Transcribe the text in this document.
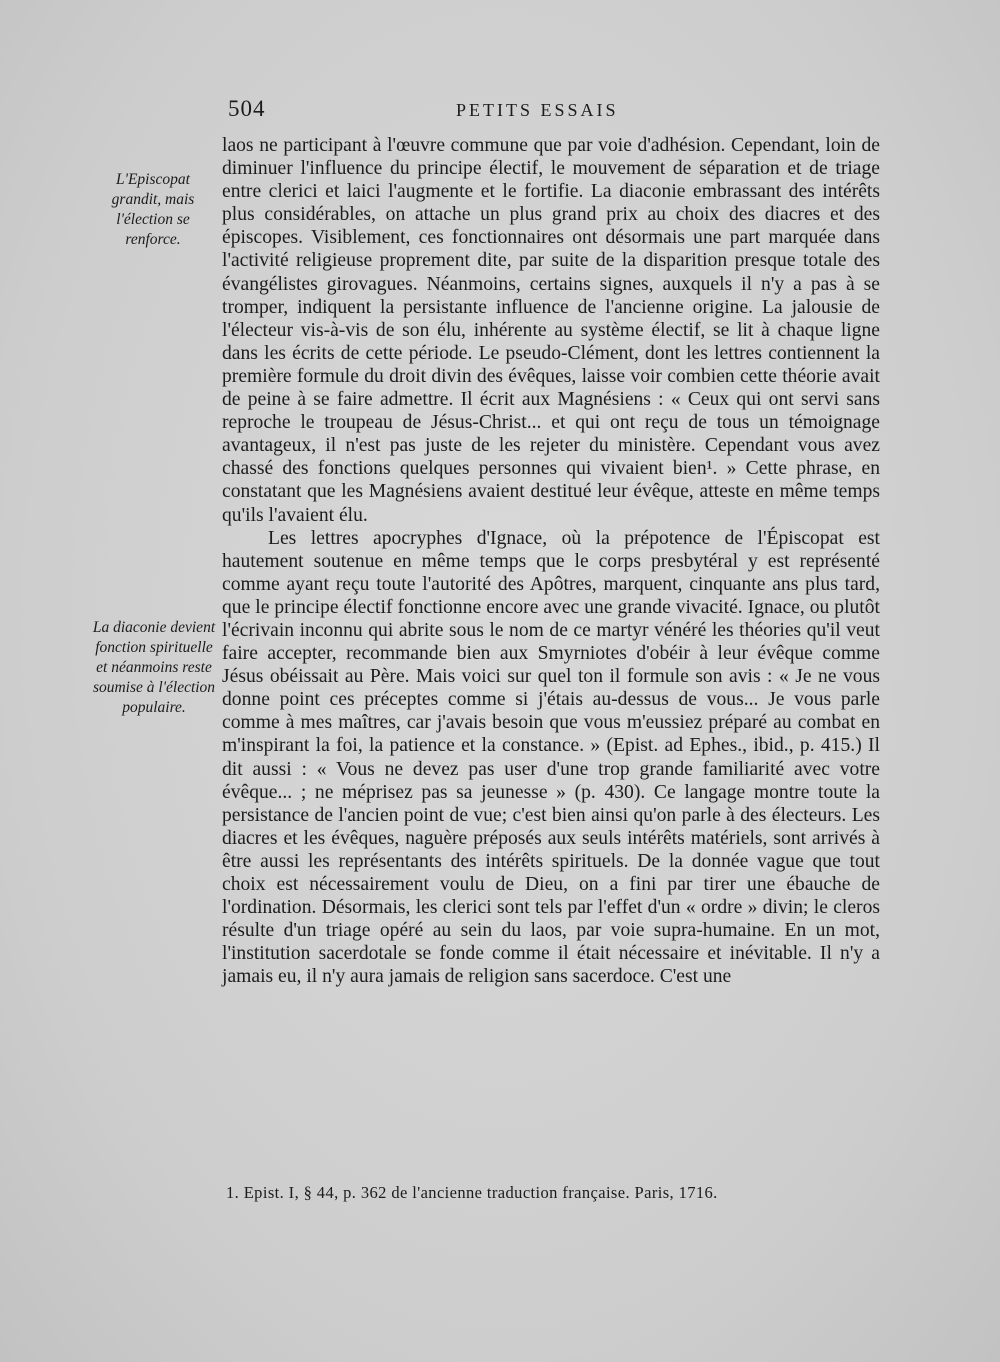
504	PETITS ESSAIS
L'Episcopat grandit, mais l'élection se renforce.
La diaconie devient fonction spirituelle et néanmoins reste soumise à l'élection populaire.

laos ne participant à l'œuvre commune que par voie d'adhésion. Cependant, loin de diminuer l'influence du principe électif, le mouvement de séparation et de triage entre clerici et laici l'augmente et le fortifie. La diaconie embrassant des intérêts plus considérables, on attache un plus grand prix au choix des diacres et des épiscopes. Visiblement, ces fonctionnaires ont désormais une part marquée dans l'activité religieuse proprement dite, par suite de la disparition presque totale des évangélistes girovagues. Néanmoins, certains signes, auxquels il n'y a pas à se tromper, indiquent la persistante influence de l'ancienne origine. La jalousie de l'électeur vis-à-vis de son élu, inhérente au système électif, se lit à chaque ligne dans les écrits de cette période. Le pseudo-Clément, dont les lettres contiennent la première formule du droit divin des évêques, laisse voir combien cette théorie avait de peine à se faire admettre. Il écrit aux Magnésiens : « Ceux qui ont servi sans reproche le troupeau de Jésus-Christ... et qui ont reçu de tous un témoignage avantageux, il n'est pas juste de les rejeter du ministère. Cependant vous avez chassé des fonctions quelques personnes qui vivaient bien¹. » Cette phrase, en constatant que les Magnésiens avaient destitué leur évêque, atteste en même temps qu'ils l'avaient élu.

Les lettres apocryphes d'Ignace, où la prépotence de l'Épiscopat est hautement soutenue en même temps que le corps presbytéral y est représenté comme ayant reçu toute l'autorité des Apôtres, marquent, cinquante ans plus tard, que le principe électif fonctionne encore avec une grande vivacité. Ignace, ou plutôt l'écrivain inconnu qui abrite sous le nom de ce martyr vénéré les théories qu'il veut faire accepter, recommande bien aux Smyrniotes d'obéir à leur évêque comme Jésus obéissait au Père. Mais voici sur quel ton il formule son avis : « Je ne vous donne point ces préceptes comme si j'étais au-dessus de vous... Je vous parle comme à mes maîtres, car j'avais besoin que vous m'eussiez préparé au combat en m'inspirant la foi, la patience et la constance. » (Epist. ad Ephes., ibid., p. 415.) Il dit aussi : « Vous ne devez pas user d'une trop grande familiarité avec votre évêque... ; ne méprisez pas sa jeunesse » (p. 430). Ce langage montre toute la persistance de l'ancien point de vue; c'est bien ainsi qu'on parle à des électeurs. Les diacres et les évêques, naguère préposés aux seuls intérêts matériels, sont arrivés à être aussi les représentants des intérêts spirituels. De la donnée vague que tout choix est nécessairement voulu de Dieu, on a fini par tirer une ébauche de l'ordination. Désormais, les clerici sont tels par l'effet d'un « ordre » divin; le cleros résulte d'un triage opéré au sein du laos, par voie supra-humaine. En un mot, l'institution sacerdotale se fonde comme il était nécessaire et inévitable. Il n'y a jamais eu, il n'y aura jamais de religion sans sacerdoce. C'est une

1. Epist. I, § 44, p. 362 de l'ancienne traduction française. Paris, 1716.
